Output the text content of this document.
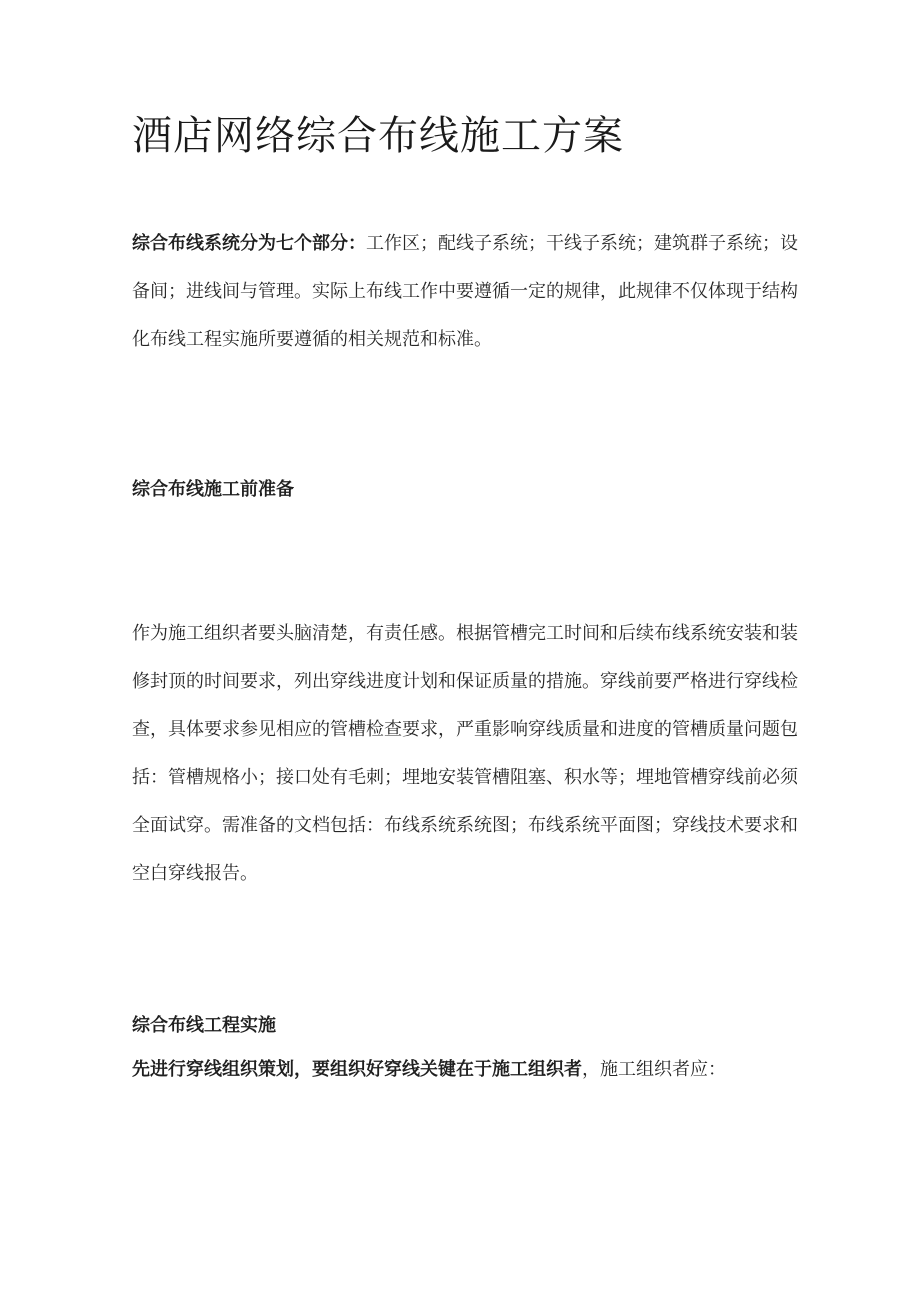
酒店网络综合布线施工方案

综合布线系统分为七个部分：工作区；配线子系统；干线子系统；建筑群子系统；设备间；进线间与管理。实际上布线工作中要遵循一定的规律，此规律不仅体现于结构化布线工程实施所要遵循的相关规范和标准。

综合布线施工前准备

作为施工组织者要头脑清楚，有责任感。根据管槽完工时间和后续布线系统安装和装修封顶的时间要求，列出穿线进度计划和保证质量的措施。穿线前要严格进行穿线检查，具体要求参见相应的管槽检查要求，严重影响穿线质量和进度的管槽质量问题包括：管槽规格小；接口处有毛刺；埋地安装管槽阻塞、积水等；埋地管槽穿线前必须全面试穿。需准备的文档包括：布线系统系统图；布线系统平面图；穿线技术要求和空白穿线报告。

综合布线工程实施

先进行穿线组织策划，要组织好穿线关键在于施工组织者，施工组织者应：
